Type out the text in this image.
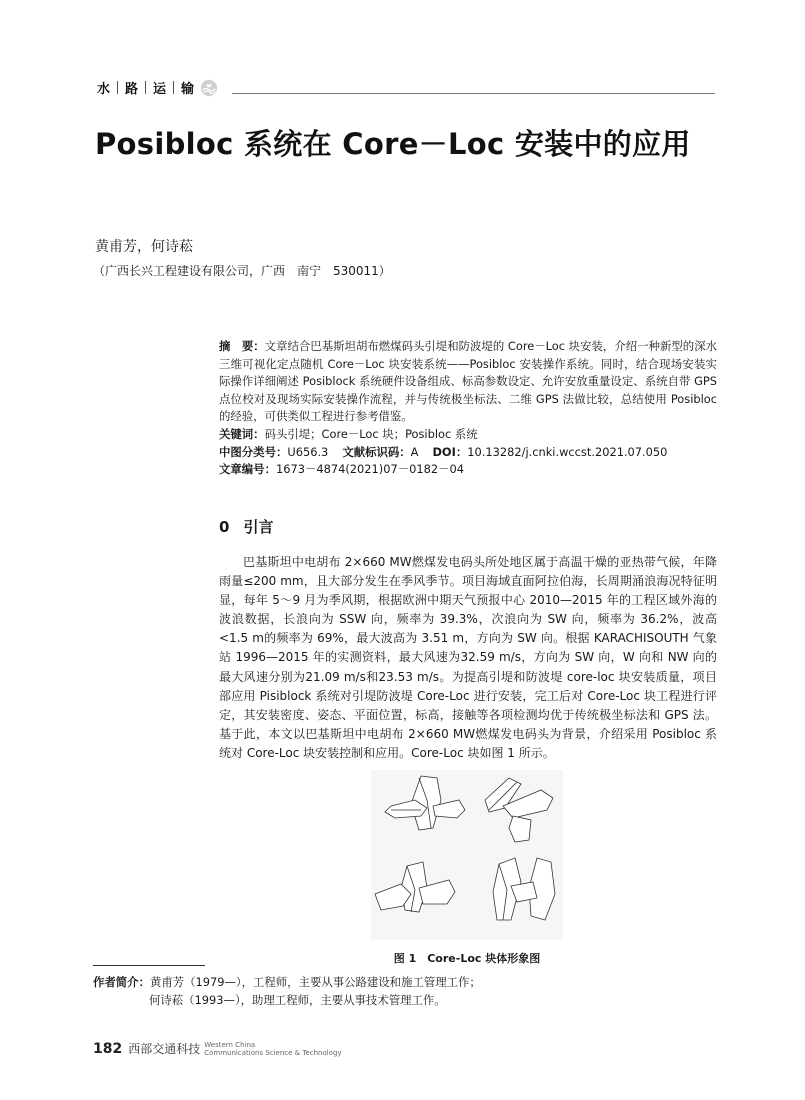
水 路 运 输
Posibloc 系统在 Core－Loc 安装中的应用
黄甫芳，何诗菘
（广西长兴工程建设有限公司，广西　南宁　530011）
摘　要：文章结合巴基斯坦胡布燃煤码头引堤和防波堤的 Core－Loc 块安装，介绍一种新型的深水三维可视化定点随机 Core－Loc 块安装系统——Posibloc 安装操作系统。同时，结合现场安装实际操作详细阐述 Posiblock 系统硬件设备组成、标高参数设定、允许安放重量设定、系统自带 GPS 点位校对及现场实际安装操作流程，并与传统极坐标法、二维 GPS 法做比较，总结使用 Posibloc 的经验，可供类似工程进行参考借鉴。
关键词：码头引堤；Core－Loc 块；Posibloc 系统
中图分类号：U656.3 文献标识码：A DOI：10.13282/j.cnki.wccst.2021.07.050
文章编号：1673－4874(2021)07－0182－04
0 引言

巴基斯坦中电胡布 2×660 MW燃煤发电码头所处地区属于高温干燥的亚热带气候，年降雨量≤200 mm，且大部分发生在季风季节。项目海域直面阿拉伯海，长周期涌浪海况特征明显，每年 5～9 月为季风期，根据欧洲中期天气预报中心 2010—2015 年的工程区域外海的波浪数据，长浪向为 SSW 向，频率为 39.3%，次浪向为 SW 向，频率为 36.2%，波高<1.5 m的频率为 69%，最大波高为 3.51 m，方向为 SW 向。根据 KARACHISOUTH 气象站 1996—2015 年的实测资料，最大风速为32.59 m/s，方向为 SW 向，W 向和 NW 向的最大风速分别为21.09 m/s和23.53 m/s。为提高引堤和防波堤 core-loc 块安装质量，项目部应用 Pisiblock 系统对引堤防波堤 Core-Loc 进行安装，完工后对 Core-Loc 块工程进行评定，其安装密度、姿态、平面位置，标高，接触等各项检测均优于传统极坐标法和 GPS 法。基于此，本文以巴基斯坦中电胡布 2×660 MW燃煤发电码头为背景，介绍采用 Posibloc 系统对 Core-Loc 块安装控制和应用。Core-Loc 块如图 1 所示。

图 1　Core-Loc 块体形象图
作者简介：黄甫芳（1979—），工程师，主要从事公路建设和施工管理工作；
何诗菘（1993—），助理工程师，主要从事技术管理工作。
182 西部交通科技 Western China
Communications Science & Technology
